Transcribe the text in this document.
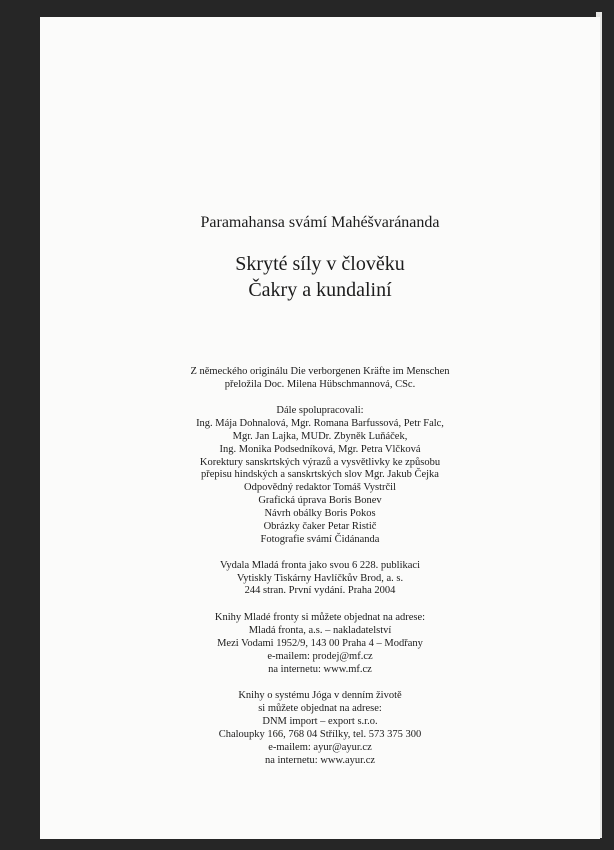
Paramahansa svámí Mahéšvaránanda
Skryté síly v člověku
Čakry a kundaliní
Z německého originálu Die verborgenen Kräfte im Menschen
přeložila Doc. Milena Hübschmannová, CSc.
Dále spolupracovali:
Ing. Mája Dohnalová, Mgr. Romana Barfussová, Petr Falc,
Mgr. Jan Lajka, MUDr. Zbyněk Luňáček,
Ing. Monika Podsedníková, Mgr. Petra Vlčková
Korektury sanskrtských výrazů a vysvětlivky ke způsobu
přepisu hindských a sanskrtských slov Mgr. Jakub Čejka
Odpovědný redaktor Tomáš Vystrčil
Grafická úprava Boris Bonev
Návrh obálky Boris Pokos
Obrázky čaker Petar Ristič
Fotografie svámí Čidánanda
Vydala Mladá fronta jako svou 6 228. publikaci
Vytiskly Tiskárny Havlíčkův Brod, a. s.
244 stran. První vydání. Praha 2004
Knihy Mladé fronty si můžete objednat na adrese:
Mladá fronta, a.s. – nakladatelství
Mezi Vodami 1952/9, 143 00 Praha 4 – Modřany
e-mailem: prodej@mf.cz
na internetu: www.mf.cz
Knihy o systému Jóga v denním životě
si můžete objednat na adrese:
DNM import – export s.r.o.
Chaloupky 166, 768 04 Střílky, tel. 573 375 300
e-mailem: ayur@ayur.cz
na internetu: www.ayur.cz
